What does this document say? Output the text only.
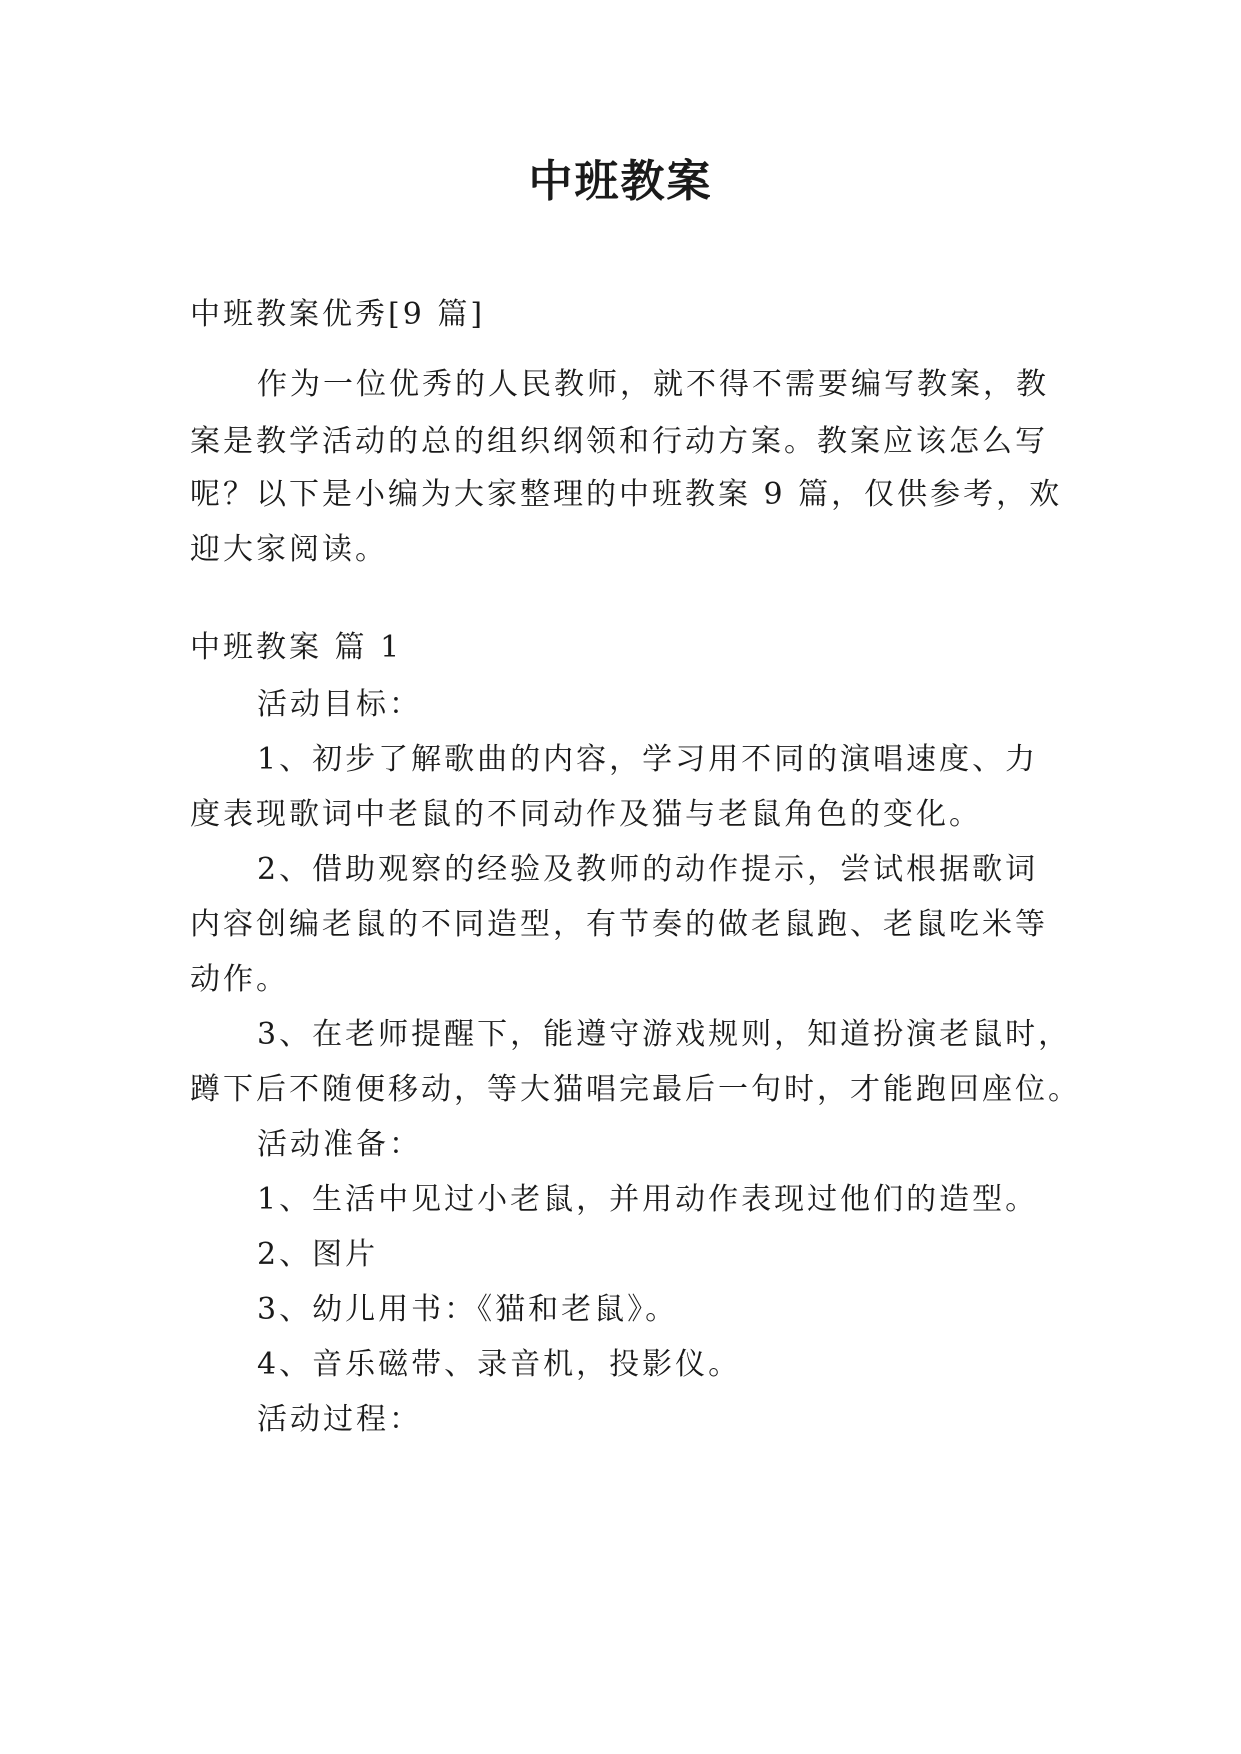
中班教案

中班教案优秀[9 篇]

作为一位优秀的人民教师，就不得不需要编写教案，教

案是教学活动的总的组织纲领和行动方案。教案应该怎么写

呢？以下是小编为大家整理的中班教案 9 篇，仅供参考，欢

迎大家阅读。

中班教案 篇 1

活动目标：

1、初步了解歌曲的内容，学习用不同的演唱速度、力

度表现歌词中老鼠的不同动作及猫与老鼠角色的变化。

2、借助观察的经验及教师的动作提示，尝试根据歌词

内容创编老鼠的不同造型，有节奏的做老鼠跑、老鼠吃米等

动作。

3、在老师提醒下，能遵守游戏规则，知道扮演老鼠时，

蹲下后不随便移动，等大猫唱完最后一句时，才能跑回座位。

活动准备：

1、生活中见过小老鼠，并用动作表现过他们的造型。

2、图片

3、幼儿用书：《猫和老鼠》。

4、音乐磁带、录音机，投影仪。

活动过程：
